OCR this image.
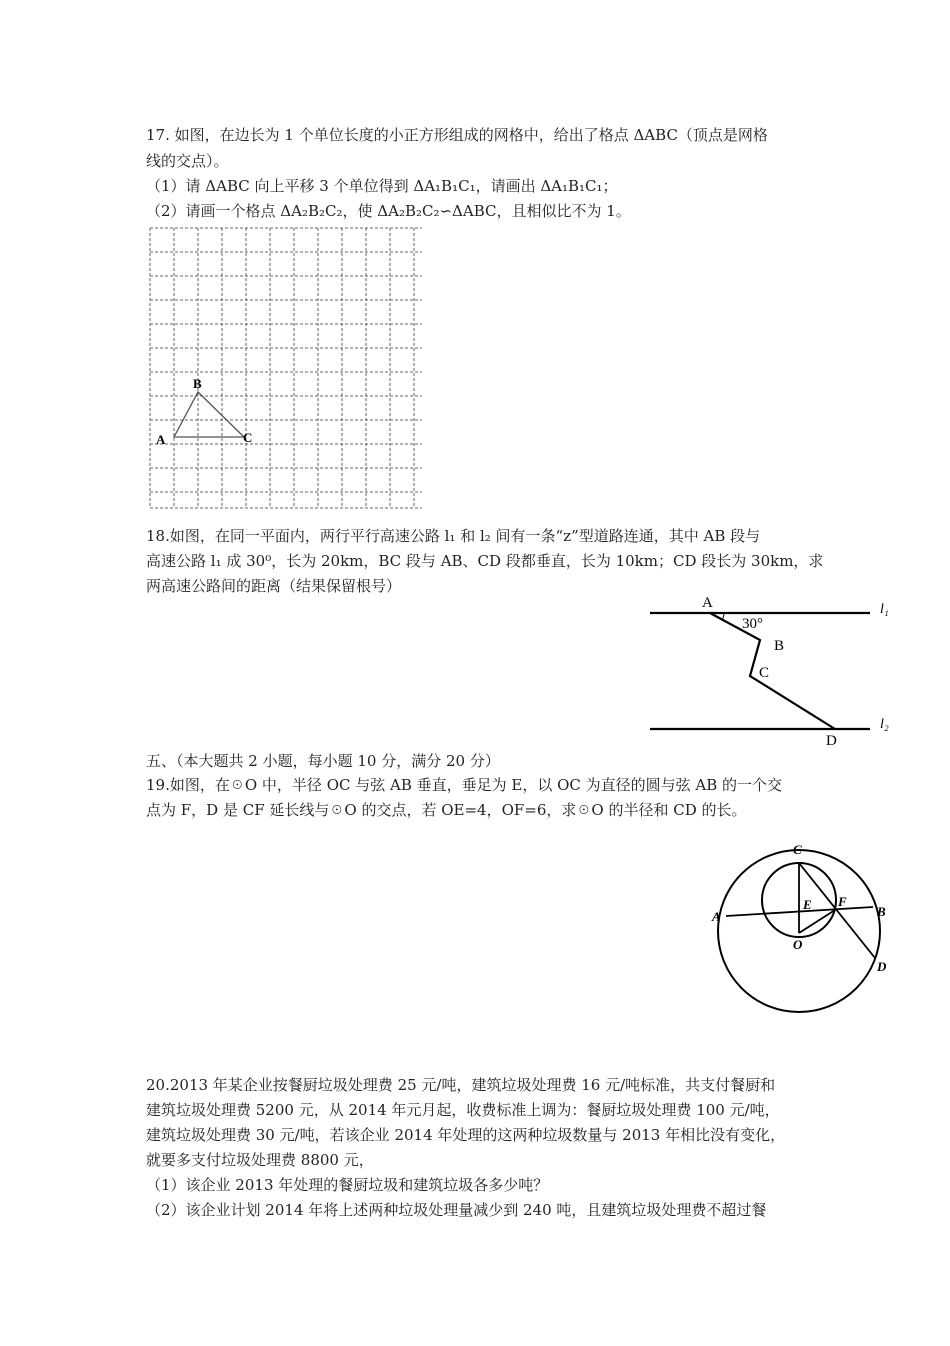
17. 如图，在边长为 1 个单位长度的小正方形组成的网格中，给出了格点 ΔABC（顶点是网格
线的交点）。
（1）请 ΔABC 向上平移 3 个单位得到 ΔA₁B₁C₁，请画出 ΔA₁B₁C₁；
（2）请画一个格点 ΔA₂B₂C₂，使 ΔA₂B₂C₂∽ΔABC，且相似比不为 1。
A
B
C
18.如图，在同一平面内，两行平行高速公路 l₁ 和 l₂ 间有一条“z”型道路连通，其中 AB 段与
高速公路 l₁ 成 30⁰，长为 20km，BC 段与 AB、CD 段都垂直，长为 10km；CD 段长为 30km，求
两高速公路间的距离（结果保留根号）
A
30°
B
C
D
l₁
l₂
五、（本大题共 2 小题，每小题 10 分，满分 20 分）
19.如图，在☉O 中，半径 OC 与弦 AB 垂直，垂足为 E，以 OC 为直径的圆与弦 AB 的一个交
点为 F，D 是 CF 延长线与☉O 的交点，若 OE=4，OF=6，求☉O 的半径和 CD 的长。
C
A
E F
B
O
D
20.2013 年某企业按餐厨垃圾处理费 25 元/吨，建筑垃圾处理费 16 元/吨标准，共支付餐厨和
建筑垃圾处理费 5200 元，从 2014 年元月起，收费标准上调为：餐厨垃圾处理费 100 元/吨，
建筑垃圾处理费 30 元/吨，若该企业 2014 年处理的这两种垃圾数量与 2013 年相比没有变化，
就要多支付垃圾处理费 8800 元，
（1）该企业 2013 年处理的餐厨垃圾和建筑垃圾各多少吨？
（2）该企业计划 2014 年将上述两种垃圾处理量减少到 240 吨，且建筑垃圾处理费不超过餐
